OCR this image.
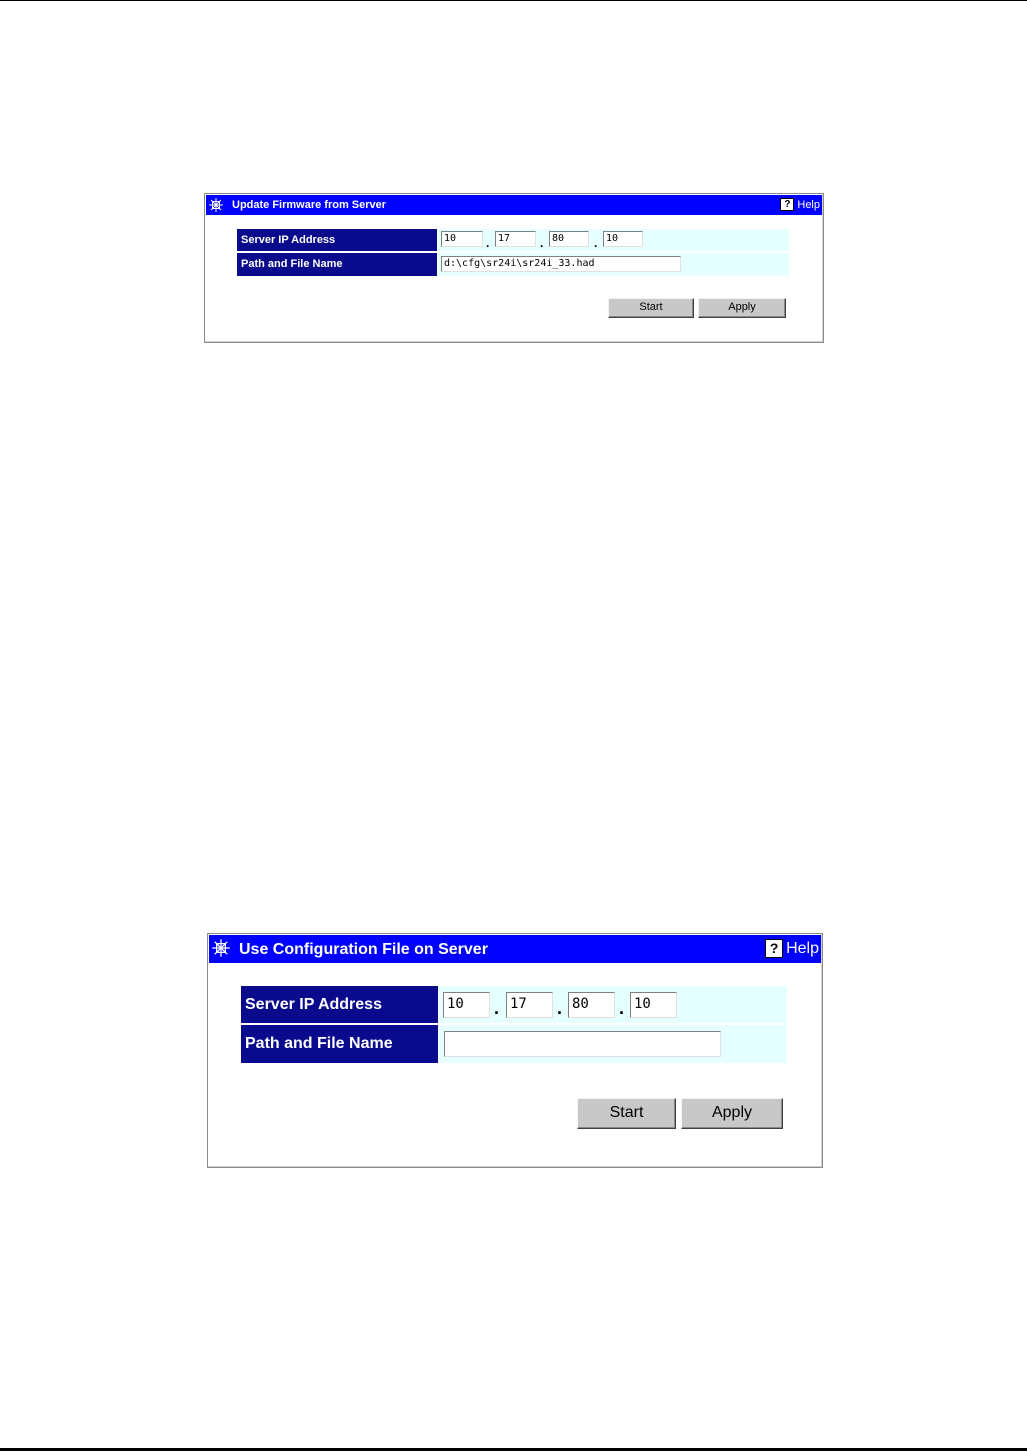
Update Firmware from Server	? Help
Server IP Address	10	. 17	. 80	. 10
Path and File Name	d:\cfg\sr24i\sr24i_33.had
Start	Apply
Use Configuration File on Server	? Help
Server IP Address	10	. 17	. 80	. 10
Path and File Name
Start	Apply
